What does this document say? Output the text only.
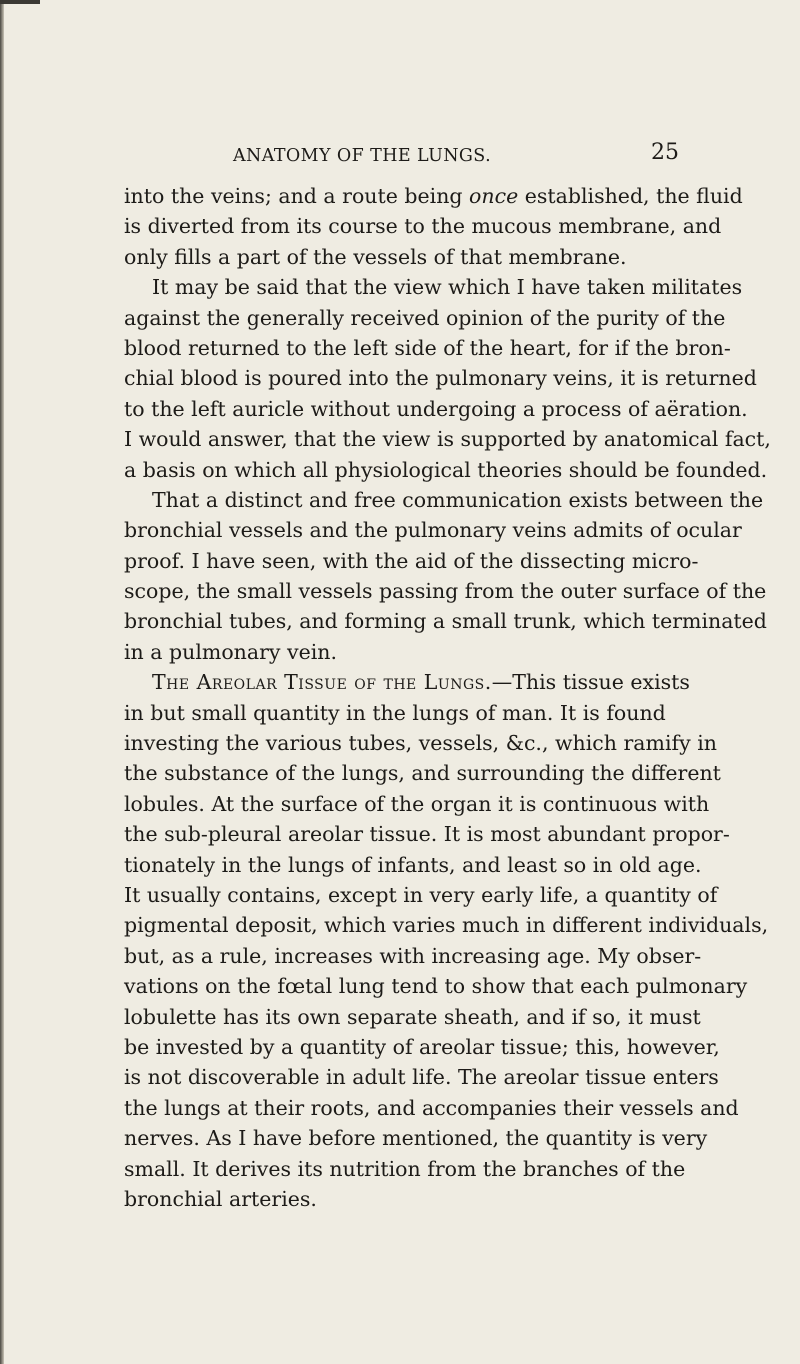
ANATOMY OF THE LUNGS.	25
into the veins; and a route being once established, the fluid
is diverted from its course to the mucous membrane, and
only fills a part of the vessels of that membrane.
It may be said that the view which I have taken militates
against the generally received opinion of the purity of the
blood returned to the left side of the heart, for if the bron-
chial blood is poured into the pulmonary veins, it is returned
to the left auricle without undergoing a process of aëration.
I would answer, that the view is supported by anatomical fact,
a basis on which all physiological theories should be founded.
That a distinct and free communication exists between the
bronchial vessels and the pulmonary veins admits of ocular
proof. I have seen, with the aid of the dissecting micro-
scope, the small vessels passing from the outer surface of the
bronchial tubes, and forming a small trunk, which terminated
in a pulmonary vein.
The Areolar Tissue of the Lungs.—This tissue exists
in but small quantity in the lungs of man. It is found
investing the various tubes, vessels, &c., which ramify in
the substance of the lungs, and surrounding the different
lobules. At the surface of the organ it is continuous with
the sub-pleural areolar tissue. It is most abundant propor-
tionately in the lungs of infants, and least so in old age.
It usually contains, except in very early life, a quantity of
pigmental deposit, which varies much in different individuals,
but, as a rule, increases with increasing age. My obser-
vations on the fœtal lung tend to show that each pulmonary
lobulette has its own separate sheath, and if so, it must
be invested by a quantity of areolar tissue; this, however,
is not discoverable in adult life. The areolar tissue enters
the lungs at their roots, and accompanies their vessels and
nerves. As I have before mentioned, the quantity is very
small. It derives its nutrition from the branches of the
bronchial arteries.
